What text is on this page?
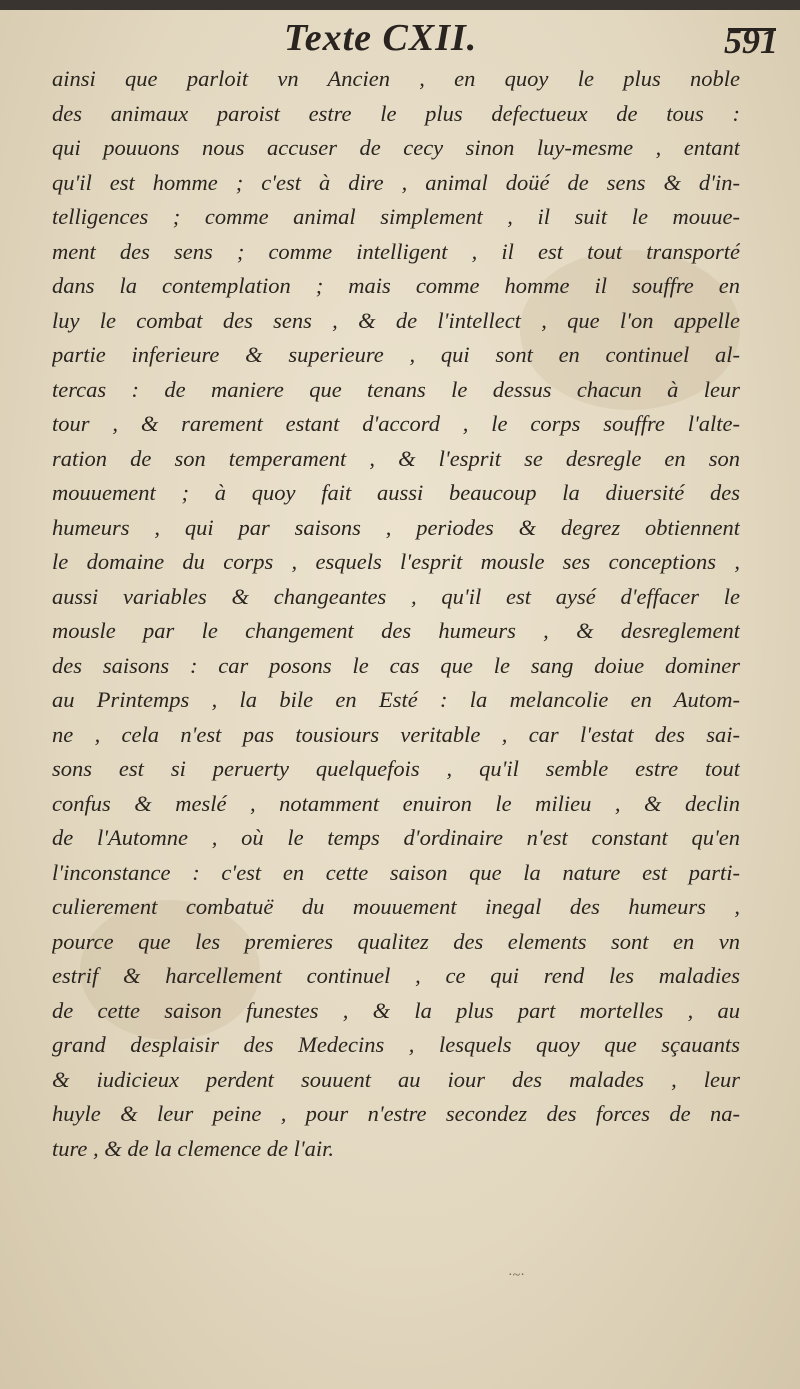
Texte CXII.	591
ainsi que parloit vn Ancien , en quoy le plus noble
des animaux paroist estre le plus defectueux de tous :
qui pouuons nous accuser de cecy sinon luy-mesme , entant
qu'il est homme ; c'est à dire , animal doüé de sens & d'in-
telligences ; comme animal simplement , il suit le mouue-
ment des sens ; comme intelligent , il est tout transporté
dans la contemplation ; mais comme homme il souffre en
luy le combat des sens , & de l'intellect , que l'on appelle
partie inferieure & superieure , qui sont en continuel al-
tercas : de maniere que tenans le dessus chacun à leur
tour , & rarement estant d'accord , le corps souffre l'alte-
ration de son temperament , & l'esprit se desregle en son
mouuement ; à quoy fait aussi beaucoup la diuersité des
humeurs , qui par saisons , periodes & degrez obtiennent
le domaine du corps , esquels l'esprit mousle ses conceptions ,
aussi variables & changeantes , qu'il est aysé d'effacer le
mousle par le changement des humeurs , & desreglement
des saisons : car posons le cas que le sang doiue dominer
au Printemps , la bile en Esté : la melancolie en Autom-
ne , cela n'est pas tousiours veritable , car l'estat des sai-
sons est si peruerty quelquefois , qu'il semble estre tout
confus & meslé , notamment enuiron le milieu , & declin
de l'Automne , où le temps d'ordinaire n'est constant qu'en
l'inconstance : c'est en cette saison que la nature est parti-
culierement combatuë du mouuement inegal des humeurs ,
pource que les premieres qualitez des elements sont en vn
estrif & harcellement continuel , ce qui rend les maladies
de cette saison funestes , & la plus part mortelles , au
grand desplaisir des Medecins , lesquels quoy que sçauants
& iudicieux perdent souuent au iour des malades , leur
huyle & leur peine , pour n'estre secondez des forces de na-
ture , & de la clemence de l'air.
·~·
